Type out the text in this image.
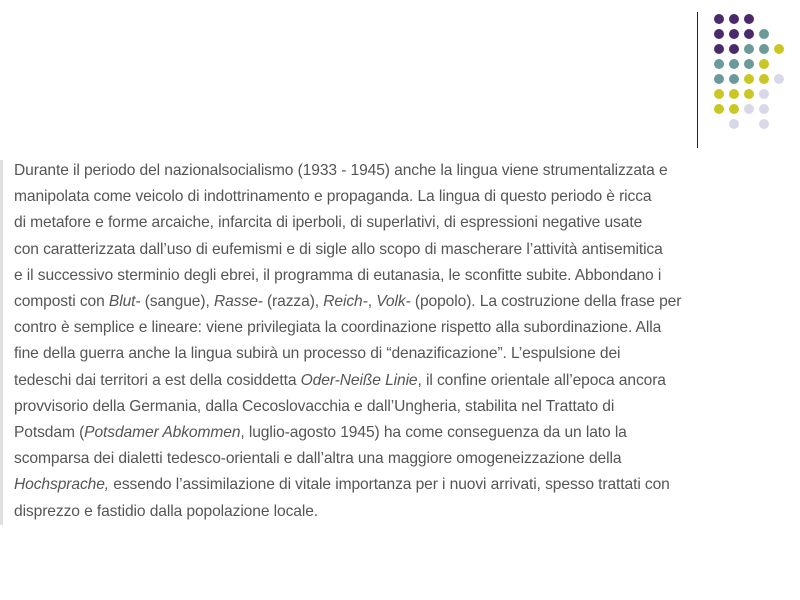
Durante il periodo del nazionalsocialismo (1933 - 1945) anche la lingua viene strumentalizzata e
manipolata come veicolo di indottrinamento e propaganda. La lingua di questo periodo è ricca
di metafore e forme arcaiche, infarcita di iperboli, di superlativi, di espressioni negative usate
con caratterizzata dall’uso di eufemismi e di sigle allo scopo di mascherare l’attività antisemitica
e il successivo sterminio degli ebrei, il programma di eutanasia, le sconfitte subite. Abbondano i
composti con Blut- (sangue), Rasse- (razza), Reich-, Volk- (popolo). La costruzione della frase per
contro è semplice e lineare: viene privilegiata la coordinazione rispetto alla subordinazione. Alla
fine della guerra anche la lingua subirà un processo di “denazificazione”. L’espulsione dei
tedeschi dai territori a est della cosiddetta Oder-Neiße Linie, il confine orientale all’epoca ancora
provvisorio della Germania, dalla Cecoslovacchia e dall’Ungheria, stabilita nel Trattato di
Potsdam (Potsdamer Abkommen, luglio-agosto 1945) ha come conseguenza da un lato la
scomparsa dei dialetti tedesco-orientali e dall’altra una maggiore omogeneizzazione della
Hochsprache, essendo l’assimilazione di vitale importanza per i nuovi arrivati, spesso trattati con
disprezzo e fastidio dalla popolazione locale.
